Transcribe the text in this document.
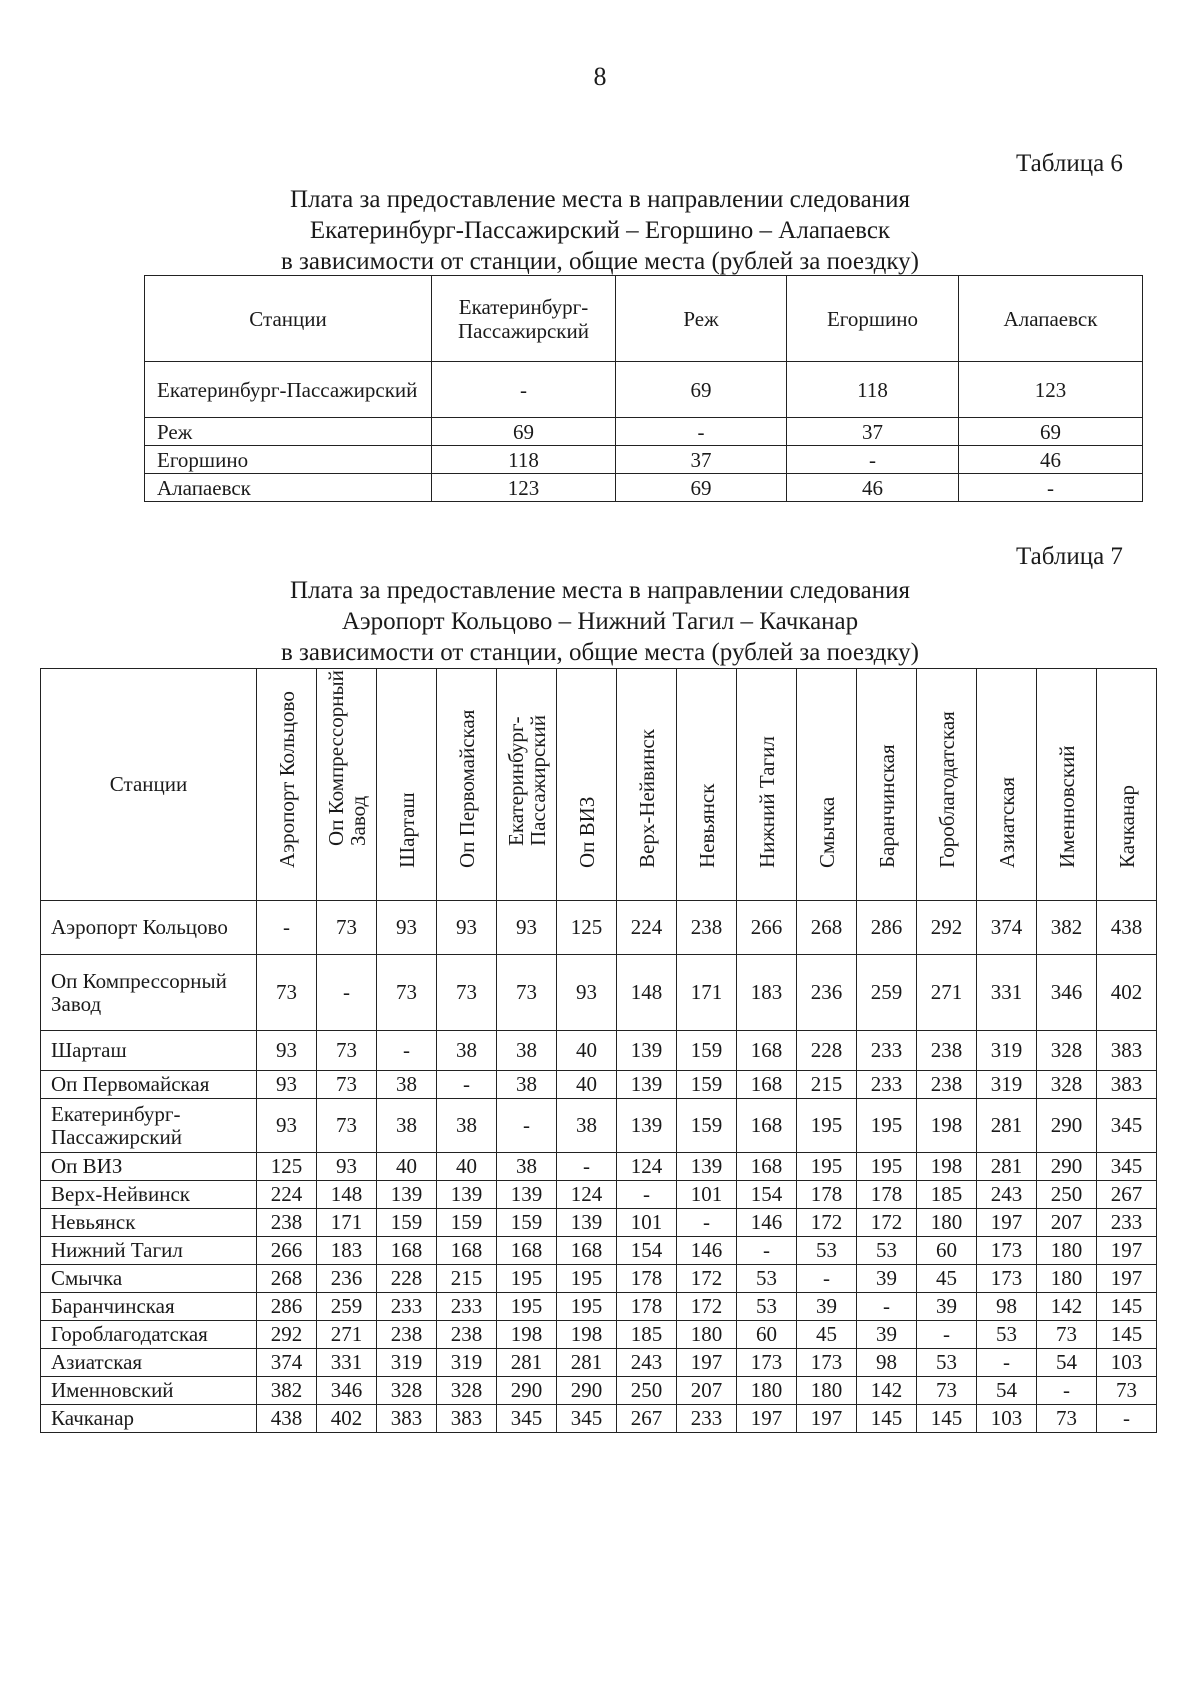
8
Таблица 6
Плата за предоставление места в направлении следования
Екатеринбург-Пассажирский – Егоршино – Алапаевск
в зависимости от станции, общие места (рублей за поездку)
Станции	Екатеринбург-Пассажирский	Реж	Егоршино	Алапаевск
Екатеринбург-Пассажирский	-	69	118	123
Реж	69	-	37	69
Егоршино	118	37	-	46
Алапаевск	123	69	46	-
Таблица 7
Плата за предоставление места в направлении следования
Аэропорт Кольцово – Нижний Тагил – Качканар
в зависимости от станции, общие места (рублей за поездку)
Станции	Аэропорт Кольцово	Оп Компрессорный Завод	Шарташ	Оп Первомайская	Екатеринбург-Пассажирский	Оп ВИЗ	Верх-Нейвинск	Невьянск	Нижний Тагил	Смычка	Баранчинская	Гороблагодатская	Азиатская	Именновский	Качканар

Аэропорт Кольцово	-	73	93	93	93	125	224	238	266	268	286	292	374	382	438
Оп Компрессорный Завод	73	-	73	73	73	93	148	171	183	236	259	271	331	346	402
Шарташ	93	73	-	38	38	40	139	159	168	228	233	238	319	328	383
Оп Первомайская	93	73	38	-	38	40	139	159	168	215	233	238	319	328	383
Екатеринбург-Пассажирский	93	73	38	38	-	38	139	159	168	195	195	198	281	290	345
Оп ВИЗ	125	93	40	40	38	-	124	139	168	195	195	198	281	290	345
Верх-Нейвинск	224	148	139	139	139	124	-	101	154	178	178	185	243	250	267
Невьянск	238	171	159	159	159	139	101	-	146	172	172	180	197	207	233
Нижний Тагил	266	183	168	168	168	168	154	146	-	53	53	60	173	180	197
Смычка	268	236	228	215	195	195	178	172	53	-	39	45	173	180	197
Баранчинская	286	259	233	233	195	195	178	172	53	39	-	39	98	142	145
Гороблагодатская	292	271	238	238	198	198	185	180	60	45	39	-	53	73	145
Азиатская	374	331	319	319	281	281	243	197	173	173	98	53	-	54	103
Именновский	382	346	328	328	290	290	250	207	180	180	142	73	54	-	73
Качканар	438	402	383	383	345	345	267	233	197	197	145	145	103	73	-
